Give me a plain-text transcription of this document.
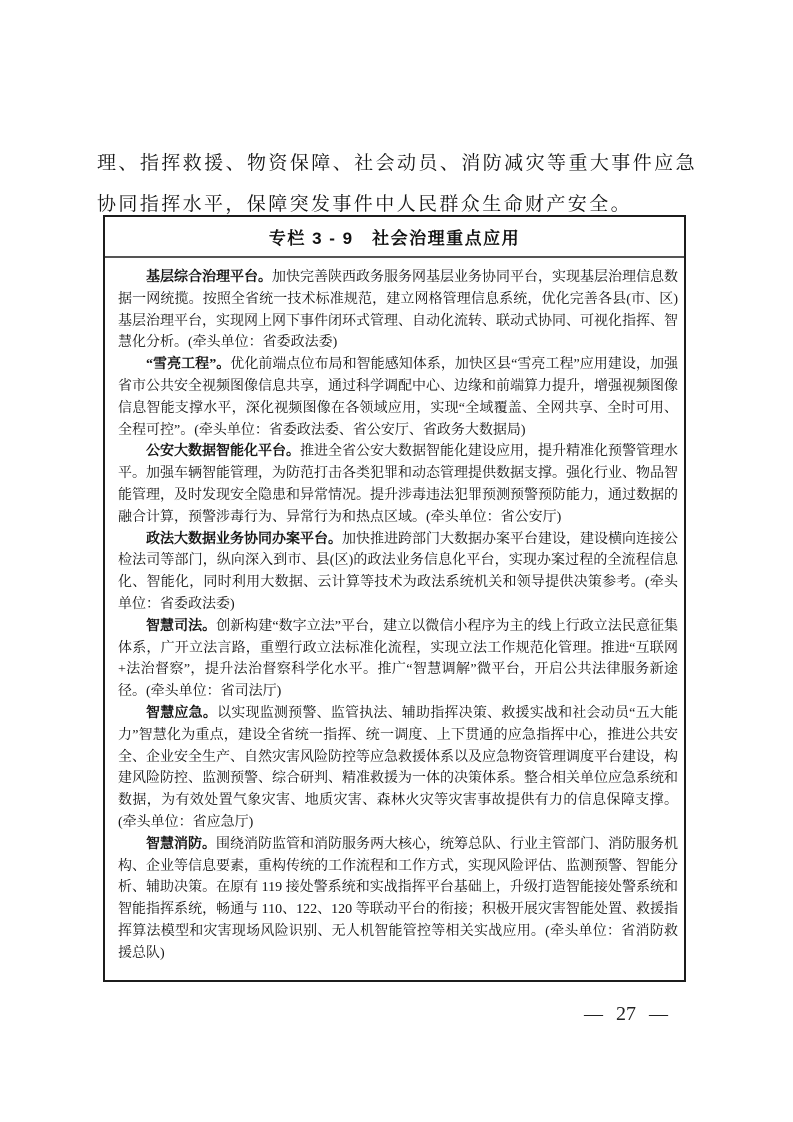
理、指挥救援、物资保障、社会动员、消防减灾等重大事件应急协同指挥水平，保障突发事件中人民群众生命财产安全。

专栏 3 - 9　社会治理重点应用

基层综合治理平台。加快完善陕西政务服务网基层业务协同平台，实现基层治理信息数据一网统揽。按照全省统一技术标准规范，建立网格管理信息系统，优化完善各县(市、区)基层治理平台，实现网上网下事件闭环式管理、自动化流转、联动式协同、可视化指挥、智慧化分析。(牵头单位：省委政法委)

“雪亮工程”。优化前端点位布局和智能感知体系，加快区县“雪亮工程”应用建设，加强省市公共安全视频图像信息共享，通过科学调配中心、边缘和前端算力提升，增强视频图像信息智能支撑水平，深化视频图像在各领域应用，实现“全域覆盖、全网共享、全时可用、全程可控”。(牵头单位：省委政法委、省公安厅、省政务大数据局)

公安大数据智能化平台。推进全省公安大数据智能化建设应用，提升精准化预警管理水平。加强车辆智能管理，为防范打击各类犯罪和动态管理提供数据支撑。强化行业、物品智能管理，及时发现安全隐患和异常情况。提升涉毒违法犯罪预测预警预防能力，通过数据的融合计算，预警涉毒行为、异常行为和热点区域。(牵头单位：省公安厅)

政法大数据业务协同办案平台。加快推进跨部门大数据办案平台建设，建设横向连接公检法司等部门，纵向深入到市、县(区)的政法业务信息化平台，实现办案过程的全流程信息化、智能化，同时利用大数据、云计算等技术为政法系统机关和领导提供决策参考。(牵头单位：省委政法委)

智慧司法。创新构建“数字立法”平台，建立以微信小程序为主的线上行政立法民意征集体系，广开立法言路，重塑行政立法标准化流程，实现立法工作规范化管理。推进“互联网+法治督察”，提升法治督察科学化水平。推广“智慧调解”微平台，开启公共法律服务新途径。(牵头单位：省司法厅)

智慧应急。以实现监测预警、监管执法、辅助指挥决策、救援实战和社会动员“五大能力”智慧化为重点，建设全省统一指挥、统一调度、上下贯通的应急指挥中心，推进公共安全、企业安全生产、自然灾害风险防控等应急救援体系以及应急物资管理调度平台建设，构建风险防控、监测预警、综合研判、精准救援为一体的决策体系。整合相关单位应急系统和数据，为有效处置气象灾害、地质灾害、森林火灾等灾害事故提供有力的信息保障支撑。(牵头单位：省应急厅)

智慧消防。围绕消防监管和消防服务两大核心，统筹总队、行业主管部门、消防服务机构、企业等信息要素，重构传统的工作流程和工作方式，实现风险评估、监测预警、智能分析、辅助决策。在原有 119 接处警系统和实战指挥平台基础上，升级打造智能接处警系统和智能指挥系统，畅通与 110、122、120 等联动平台的衔接；积极开展灾害智能处置、救援指挥算法模型和灾害现场风险识别、无人机智能管控等相关实战应用。(牵头单位：省消防救援总队)

— 27 —
